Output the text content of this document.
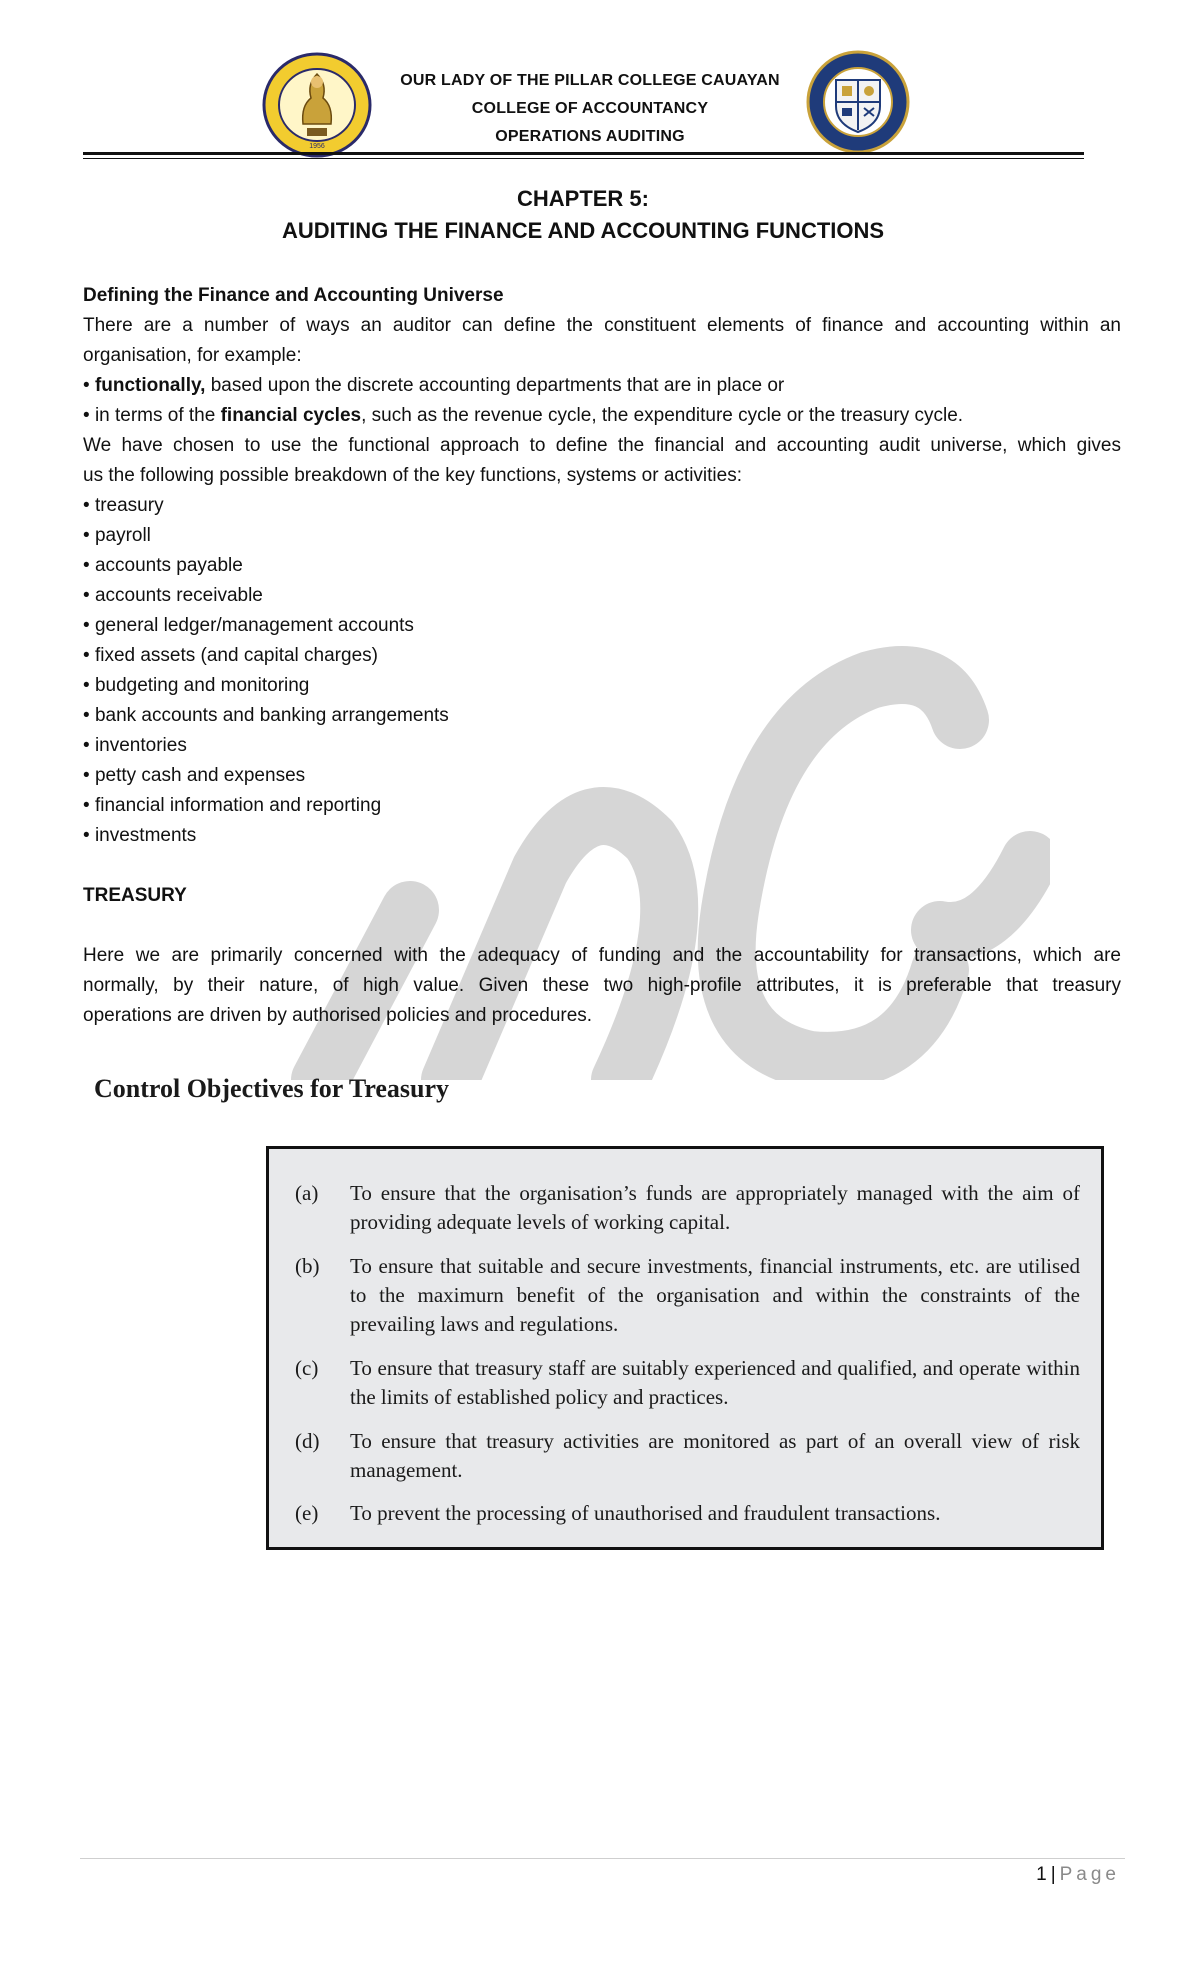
1956
OUR LADY OF THE PILLAR COLLEGE CAUAYAN
COLLEGE OF ACCOUNTANCY
OPERATIONS AUDITING
CHAPTER 5:
AUDITING THE FINANCE AND ACCOUNTING FUNCTIONS
Defining the Finance and Accounting Universe
There are a number of ways an auditor can define the constituent elements of finance and accounting within an
organisation, for example:
• functionally, based upon the discrete accounting departments that are in place or
• in terms of the financial cycles, such as the revenue cycle, the expenditure cycle or the treasury cycle.
We have chosen to use the functional approach to define the financial and accounting audit universe, which gives
us the following possible breakdown of the key functions, systems or activities:
• treasury
• payroll
• accounts payable
• accounts receivable
• general ledger/management accounts
• fixed assets (and capital charges)
• budgeting and monitoring
• bank accounts and banking arrangements
• inventories
• petty cash and expenses
• financial information and reporting
• investments
TREASURY
Here we are primarily concerned with the adequacy of funding and the accountability for transactions, which are
normally, by their nature, of high value. Given these two high-profile attributes, it is preferable that treasury
operations are driven by authorised policies and procedures.
Control Objectives for Treasury
(a) To ensure that the organisation’s funds are appropriately managed with the aim of providing adequate levels of working capital.
(b) To ensure that suitable and secure investments, financial instruments, etc. are utilised to the maximurn benefit of the organisation and within the constraints of the prevailing laws and regulations.
(c) To ensure that treasury staff are suitably experienced and qualified, and operate within the limits of established policy and practices.
(d) To ensure that treasury activities are monitored as part of an overall view of risk management.
(e) To prevent the processing of unauthorised and fraudulent transactions.
1 | Page
